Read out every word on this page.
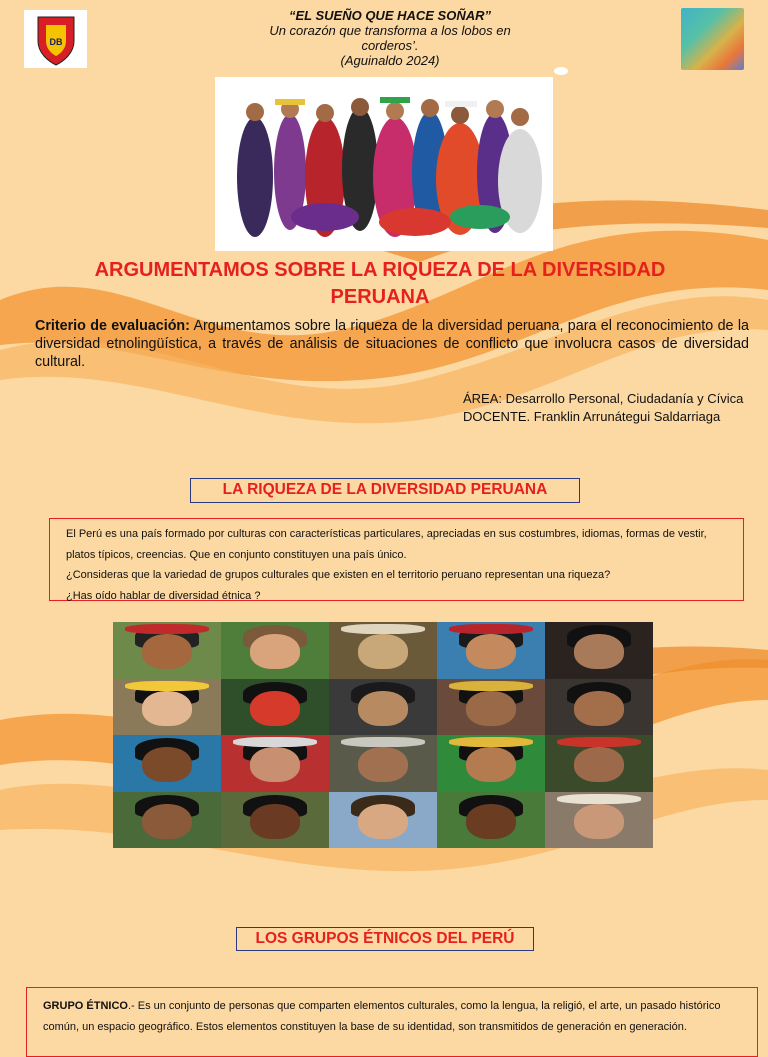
DB
“EL SUEÑO QUE HACE SOÑAR”
Un corazón que transforma a los lobos en
corderos’.
(Aguinaldo 2024)
ARGUMENTAMOS SOBRE LA RIQUEZA DE LA DIVERSIDAD
PERUANA
Criterio de evaluación: Argumentamos sobre la riqueza de la diversidad peruana, para el reconocimiento de la diversidad etnolingüística, a través de análisis de situaciones de conflicto que involucra casos de diversidad cultural.
ÁREA: Desarrollo Personal, Ciudadanía y Cívica
DOCENTE. Franklin Arrunátegui Saldarriaga
LA RIQUEZA DE LA DIVERSIDAD PERUANA
El Perú es una país formado por culturas con características particulares, apreciadas en sus costumbres, idiomas, formas de vestir,
platos típicos, creencias. Que en conjunto constituyen una país único.
¿Consideras que la variedad de grupos culturales que existen en el territorio peruano representan una riqueza?
¿Has oído hablar de diversidad étnica ?
LOS GRUPOS ÉTNICOS DEL PERÚ
GRUPO ÉTNICO.- Es un conjunto de personas que comparten elementos culturales, como la lengua, la religió, el arte, un pasado histórico
común, un espacio geográfico. Estos elementos constituyen la base de su identidad, son transmitidos de generación en generación.
